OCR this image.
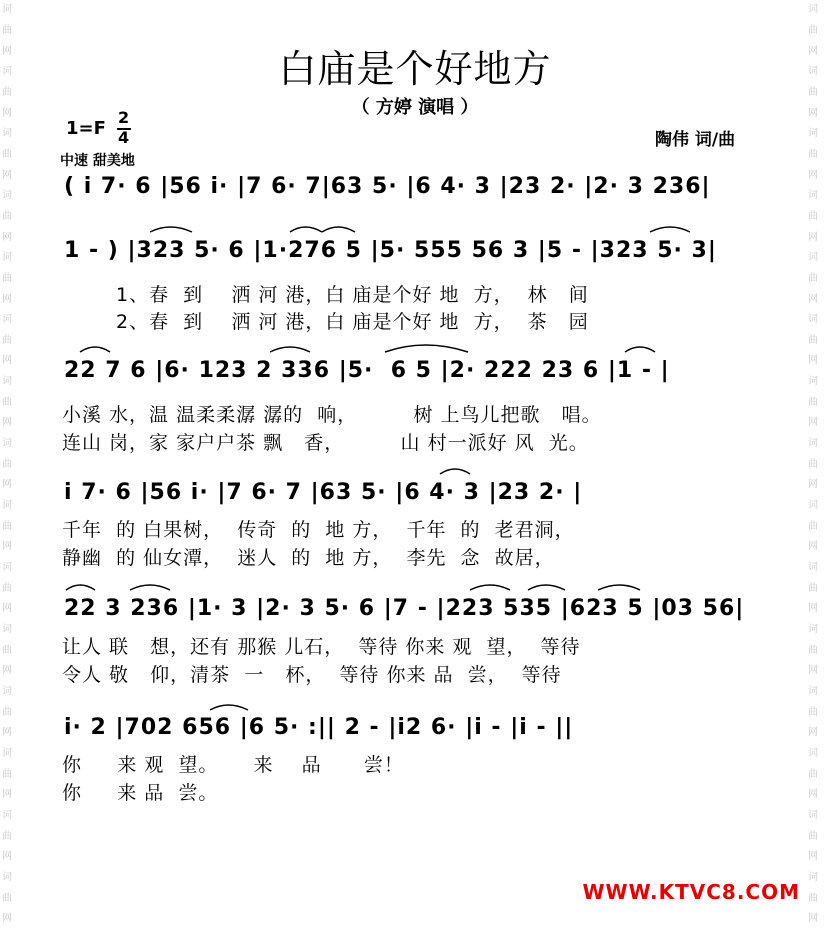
词
曲
网
词
曲
网
词
曲
网
词
曲
网
词
曲
网
词
曲
网
词
曲
网
词
曲
网
词
曲
网
词
曲
网
词
曲
网
词
曲
网
词
曲
网
词
曲
网
词
曲
网
词
曲
网
词
曲
网
词
曲
网
词
曲
网
词
曲
网
词
曲
网
词
曲
网
词
曲
网
词
曲
网
词
曲
网
词
曲
网
词
曲
网
词
曲
网
词
曲
网
词
曲
网
白庙是个好地方
（ 方婷 演唱 ）
1=F
2
4
中速 甜美地
陶伟 词/曲
( i 7· 6 |56 i· |7 6· 7|63 5· |6 4· 3 |23 2· |2· 3 236|
1 - ) |323 5· 6 |1·276 5 |5· 555 56 3 |5 - |323 5· 3|
1、春  到    洒 河 港，白 庙是个好 地  方，  林   间
2、春  到    洒 河 港，白 庙是个好 地  方，  茶   园
22 7 6 |6· 123 2 336 |5·  6 5 |2· 222 23 6 |1 - |
小溪 水，温 温柔柔潺 潺的  响，        树 上鸟儿把歌   唱。
连山 岗，家 家户户茶 飘   香，        山 村一派好 风  光。
i 7· 6 |56 i· |7 6· 7 |63 5· |6 4· 3 |23 2· |
千年  的 白果树，  传奇  的  地 方，  千年  的  老君洞，
静幽  的 仙女潭，  迷人  的  地 方，  李先  念  故居，
22 3 236 |1· 3 |2· 3 5· 6 |7 - |223 535 |623 5 |03 56|
让人 联   想，还有 那猴 儿石，  等待 你来 观  望，  等待
令人 敬   仰，清茶  一   杯，  等待 你来 品  尝，  等待
i· 2 |702 656 |6 5· :|| 2 - |i2 6· |i - |i - ||
你     来 观  望。     来    品      尝！
你     来 品  尝。
WWW.KTVC8.COM
